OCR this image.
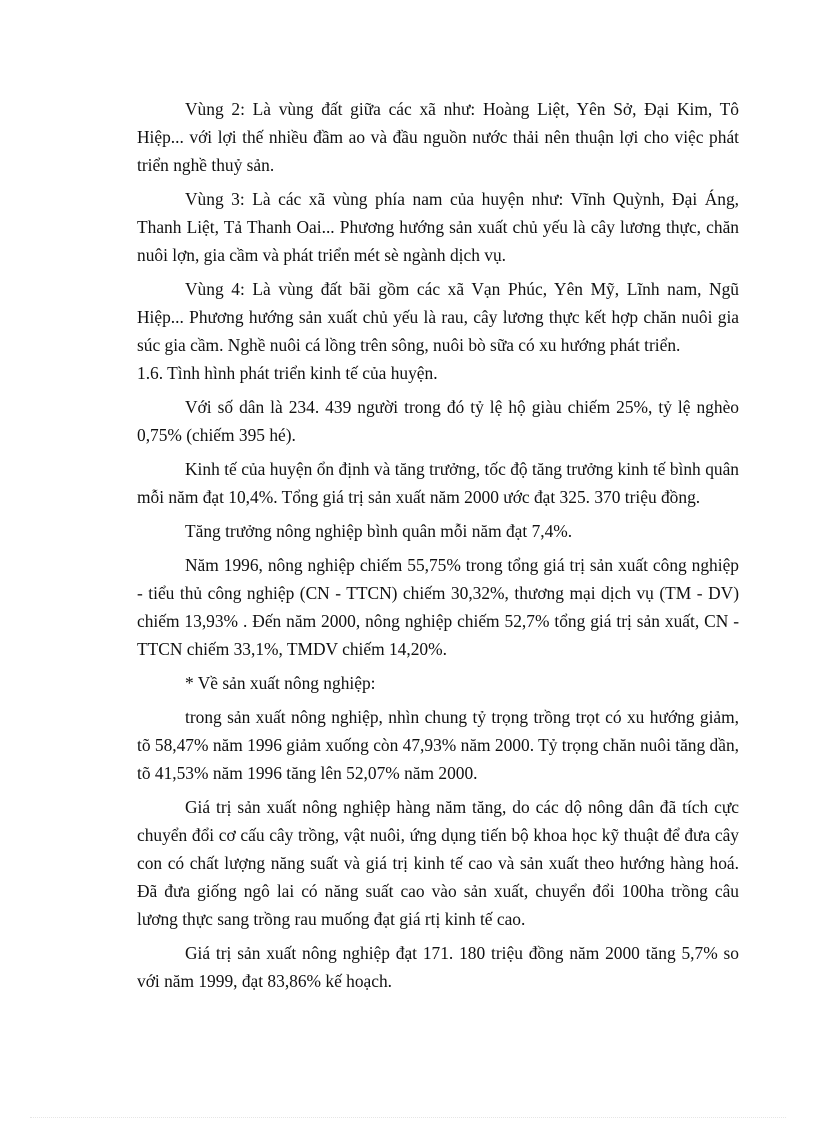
Vùng 2: Là vùng đất giữa các xã như: Hoàng Liệt, Yên Sở, Đại Kim, Tô Hiệp... với lợi thế nhiều đầm ao và đầu nguồn nước thải nên thuận lợi cho việc phát triển nghề thuỷ sản.

Vùng 3: Là các xã vùng phía nam của huyện như: Vĩnh Quỳnh, Đại Áng, Thanh Liệt, Tả Thanh Oai... Phương hướng sản xuất chủ yếu là cây lương thực, chăn nuôi lợn, gia cầm và phát triển mét sè ngành dịch vụ.

Vùng 4: Là vùng đất bãi gồm các xã Vạn Phúc, Yên Mỹ, Lĩnh nam, Ngũ Hiệp... Phương hướng sản xuất chủ yếu là rau, cây lương thực kết hợp chăn nuôi gia súc gia cầm. Nghề nuôi cá lồng trên sông, nuôi bò sữa có xu hướng phát triển.

1.6. Tình hình phát triển kinh tế của huyện.

Với số dân là 234. 439 người trong đó tỷ lệ hộ giàu chiếm 25%, tỷ lệ nghèo 0,75% (chiếm 395 hé).

Kinh tế của huyện ổn định và tăng trưởng, tốc độ tăng trưởng kinh tế bình quân mỗi năm đạt 10,4%. Tổng giá trị sản xuất năm 2000 ước đạt 325. 370 triệu đồng.

Tăng trưởng nông nghiệp bình quân mỗi năm đạt 7,4%.

Năm 1996, nông nghiệp chiếm 55,75% trong tổng giá trị sản xuất công nghiệp - tiểu thủ công nghiệp (CN - TTCN) chiếm 30,32%, thương mại dịch vụ (TM - DV) chiếm 13,93% . Đến năm 2000, nông nghiệp chiếm 52,7% tổng giá trị sản xuất, CN - TTCN chiếm 33,1%, TMDV chiếm 14,20%.

* Về sản xuất nông nghiệp:

trong sản xuất nông nghiệp, nhìn chung tỷ trọng trồng trọt có xu hướng giảm, tõ 58,47% năm 1996 giảm xuống còn 47,93% năm 2000. Tỷ trọng chăn nuôi tăng dần, tõ 41,53% năm 1996 tăng lên 52,07% năm 2000.

Giá trị sản xuất nông nghiệp hàng năm tăng, do các dộ nông dân đã tích cực chuyển đổi cơ cấu cây trồng, vật nuôi, ứng dụng tiến bộ khoa học kỹ thuật để đưa cây con có chất lượng năng suất và giá trị kinh tế cao và sản xuất theo hướng hàng hoá. Đã đưa giống ngô lai có năng suất cao vào sản xuất, chuyển đổi 100ha trồng câu lương thực sang trồng rau muống đạt giá rtị kinh tế cao.

Giá trị sản xuất nông nghiệp đạt 171. 180 triệu đồng năm 2000 tăng 5,7% so với năm 1999, đạt 83,86% kế hoạch.
